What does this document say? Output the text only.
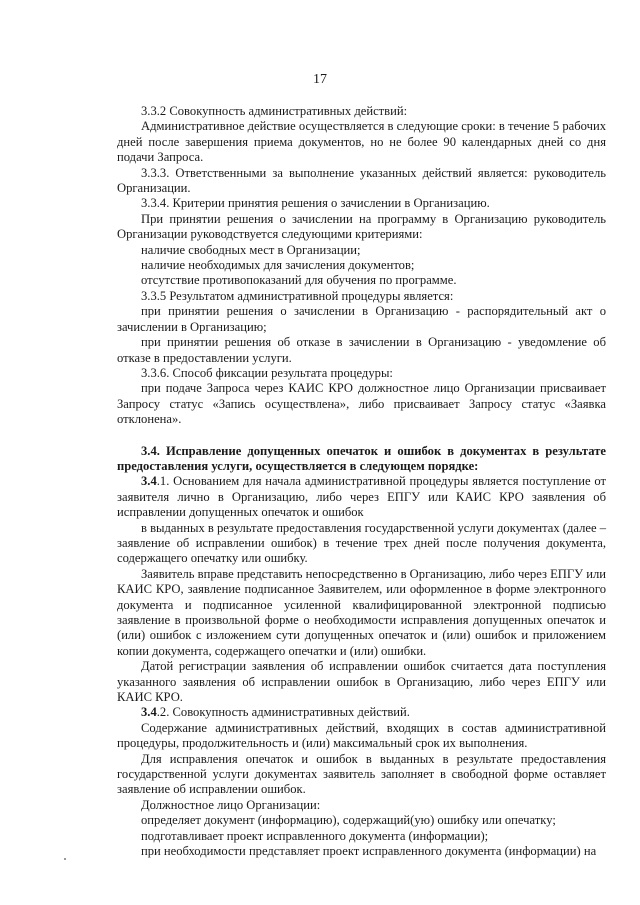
17

3.3.2 Совокупность административных действий:

Административное действие осуществляется в следующие сроки: в течение 5 рабочих дней после завершения приема документов, но не более 90 календарных дней со дня подачи Запроса.

3.3.3. Ответственными за выполнение указанных действий является: руководитель Организации.

3.3.4. Критерии принятия решения о зачислении в Организацию.

При принятии решения о зачислении на программу в Организацию руководитель Организации руководствуется следующими критериями:

наличие свободных мест в Организации;

наличие необходимых для зачисления документов;

отсутствие противопоказаний для обучения по программе.

3.3.5 Результатом административной процедуры является:

при принятии решения о зачислении в Организацию - распорядительный акт о зачислении в Организацию;

при принятии решения об отказе в зачислении в Организацию - уведомление об отказе в предоставлении услуги.

3.3.6. Способ фиксации результата процедуры:

при подаче Запроса через КАИС КРО должностное лицо Организации присваивает Запросу статус «Запись осуществлена», либо присваивает Запросу статус «Заявка отклонена».

3.4. Исправление допущенных опечаток и ошибок в документах в результате предоставления услуги, осуществляется в следующем порядке:

3.4.1. Основанием для начала административной процедуры является поступление от заявителя лично в Организацию, либо через ЕПГУ или КАИС КРО заявления об исправлении допущенных опечаток и ошибок

в выданных в результате предоставления государственной услуги документах (далее – заявление об исправлении ошибок) в течение трех дней после получения документа, содержащего опечатку или ошибку.

Заявитель вправе представить непосредственно в Организацию, либо через ЕПГУ или КАИС КРО, заявление подписанное Заявителем, или оформленное в форме электронного документа и подписанное усиленной квалифицированной электронной подписью заявление в произвольной форме о необходимости исправления допущенных опечаток и (или) ошибок с изложением сути допущенных опечаток и (или) ошибок и приложением копии документа, содержащего опечатки и (или) ошибки.

Датой регистрации заявления об исправлении ошибок считается дата поступления указанного заявления об исправлении ошибок в Организацию, либо через ЕПГУ или КАИС КРО.

3.4.2. Совокупность административных действий.

Содержание административных действий, входящих в состав административной процедуры, продолжительность и (или) максимальный срок их выполнения.

Для исправления опечаток и ошибок в выданных в результате предоставления государственной услуги документах заявитель заполняет в свободной форме оставляет заявление об исправлении ошибок.

Должностное лицо Организации:

определяет документ (информацию), содержащий(ую) ошибку или опечатку;

подготавливает проект исправленного документа (информации);

при необходимости представляет проект исправленного документа (информации) на
